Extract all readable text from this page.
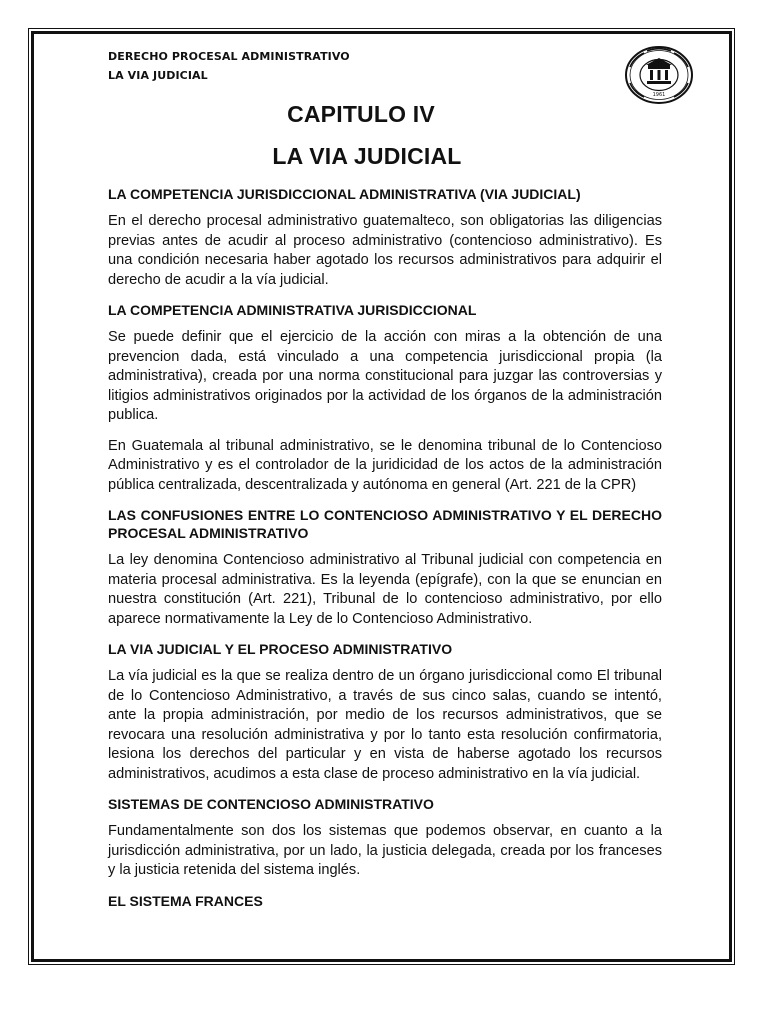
DERECHO PROCESAL ADMINISTRATIVO
LA VIA JUDICIAL
1961
CAPITULO IV
LA VIA JUDICIAL
LA COMPETENCIA JURISDICCIONAL ADMINISTRATIVA (VIA JUDICIAL)

En el derecho procesal administrativo guatemalteco, son obligatorias las diligencias previas antes de acudir al proceso administrativo (contencioso administrativo). Es una condición necesaria haber agotado los recursos administrativos para adquirir el derecho de acudir a la vía judicial.

LA COMPETENCIA ADMINISTRATIVA JURISDICCIONAL

Se puede definir que el ejercicio de la acción con miras a la obtención de una prevencion dada, está vinculado a una competencia jurisdiccional propia (la administrativa), creada por una norma constitucional para juzgar las controversias y litigios administrativos originados por la actividad de los órganos de la administración publica.

En Guatemala al tribunal administrativo, se le denomina tribunal de lo Contencioso Administrativo y es el controlador de la juridicidad de los actos de la administración pública centralizada, descentralizada y autónoma en general (Art. 221 de la CPR)

LAS CONFUSIONES ENTRE LO CONTENCIOSO ADMINISTRATIVO Y EL DERECHO PROCESAL ADMINISTRATIVO

La ley denomina Contencioso administrativo al Tribunal judicial con competencia en materia procesal administrativa. Es la leyenda (epígrafe), con la que se enuncian en nuestra constitución (Art. 221), Tribunal de lo contencioso administrativo, por ello aparece normativamente la Ley de lo Contencioso Administrativo.

LA VIA JUDICIAL Y EL PROCESO ADMINISTRATIVO

La vía judicial es la que se realiza dentro de un órgano jurisdiccional como El tribunal de lo Contencioso Administrativo, a través de sus cinco salas, cuando se intentó, ante la propia administración, por medio de los recursos administrativos, que se revocara una resolución administrativa y por lo tanto esta resolución confirmatoria, lesiona los derechos del particular y en vista de haberse agotado los recursos administrativos, acudimos a esta clase de proceso administrativo en la vía judicial.

SISTEMAS DE CONTENCIOSO ADMINISTRATIVO

Fundamentalmente son dos los sistemas que podemos observar, en cuanto a la jurisdicción administrativa, por un lado, la justicia delegada, creada por los franceses y la justicia retenida del sistema inglés.

EL SISTEMA FRANCES
